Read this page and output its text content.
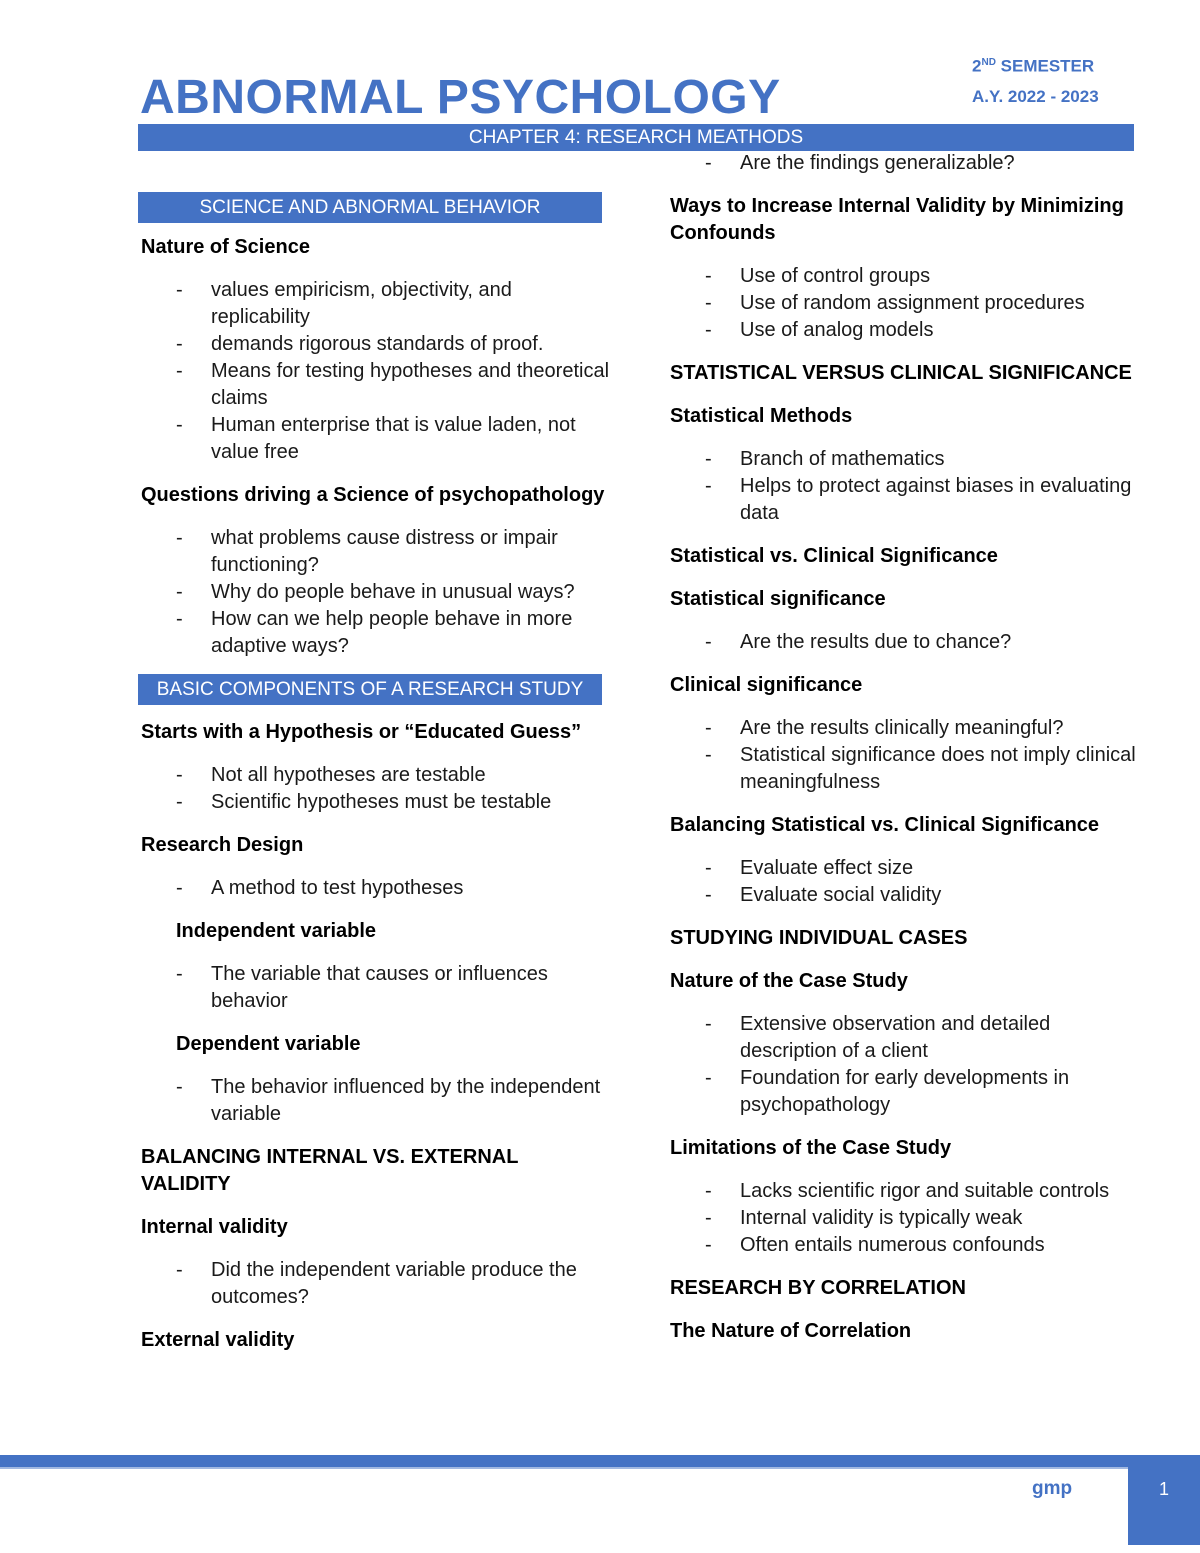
2ND SEMESTER
A.Y. 2022 - 2023
ABNORMAL PSYCHOLOGY
CHAPTER 4: RESEARCH MEATHODS
SCIENCE AND ABNORMAL BEHAVIOR
Nature of Science
- values empiricism, objectivity, and replicability
- demands rigorous standards of proof.
- Means for testing hypotheses and theoretical claims
- Human enterprise that is value laden, not value free
Questions driving a Science of psychopathology
- what problems cause distress or impair functioning?
- Why do people behave in unusual ways?
- How can we help people behave in more adaptive ways?
BASIC COMPONENTS OF A RESEARCH STUDY
Starts with a Hypothesis or “Educated Guess”
- Not all hypotheses are testable
- Scientific hypotheses must be testable
Research Design
- A method to test hypotheses
Independent variable
- The variable that causes or influences behavior
Dependent variable
- The behavior influenced by the independent variable
BALANCING INTERNAL VS. EXTERNAL VALIDITY
Internal validity
- Did the independent variable produce the outcomes?
External validity
- Are the findings generalizable?
Ways to Increase Internal Validity by Minimizing Confounds
- Use of control groups
- Use of random assignment procedures
- Use of analog models
STATISTICAL VERSUS CLINICAL SIGNIFICANCE
Statistical Methods
- Branch of mathematics
- Helps to protect against biases in evaluating data
Statistical vs. Clinical Significance
Statistical significance
- Are the results due to chance?
Clinical significance
- Are the results clinically meaningful?
- Statistical significance does not imply clinical meaningfulness
Balancing Statistical vs. Clinical Significance
- Evaluate effect size
- Evaluate social validity
STUDYING INDIVIDUAL CASES
Nature of the Case Study
- Extensive observation and detailed description of a client
- Foundation for early developments in psychopathology
Limitations of the Case Study
- Lacks scientific rigor and suitable controls
- Internal validity is typically weak
- Often entails numerous confounds
RESEARCH BY CORRELATION
The Nature of Correlation
gmp	1
